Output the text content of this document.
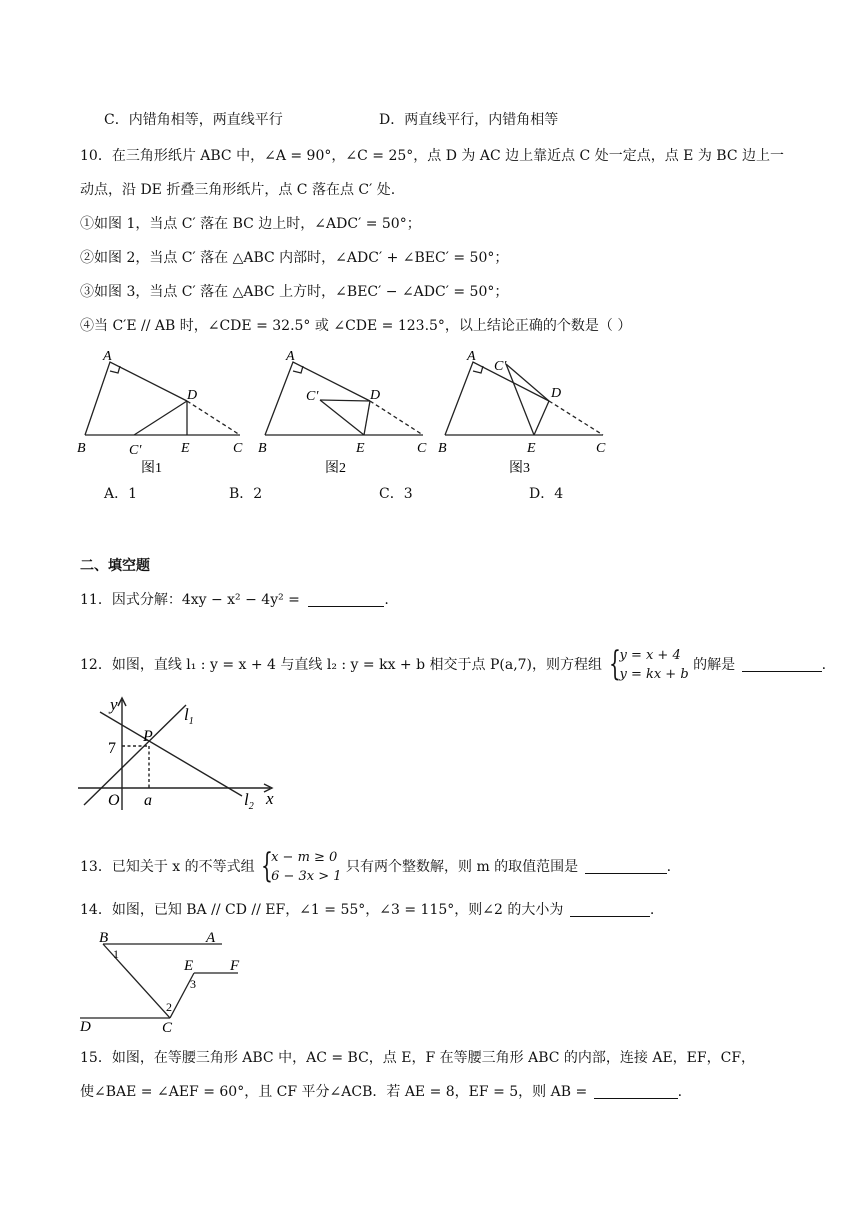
C．内错角相等，两直线平行	D．两直线平行，内错角相等
10．在三角形纸片 ABC 中，∠A = 90°，∠C = 25°，点 D 为 AC 边上靠近点 C 处一定点，点 E 为 BC 边上一
动点，沿 DE 折叠三角形纸片，点 C 落在点 C′ 处.
①如图 1，当点 C′ 落在 BC 边上时，∠ADC′ = 50°；
②如图 2，当点 C′ 落在 △ABC 内部时，∠ADC′ + ∠BEC′ = 50°；
③如图 3，当点 C′ 落在 △ABC 上方时，∠BEC′ − ∠ADC′ = 50°；
④当 C′E // AB 时，∠CDE = 32.5° 或 ∠CDE = 123.5°，以上结论正确的个数是（ ）
A
B
D
C′	E	C
图1
A
B
C′	D
E	C
图2
A
C′
B
D
E	C
图3
A．1	B．2	C．3	D．4
二、填空题
11．因式分解：4xy − x² − 4y² =	.
12．如图，直线 l₁ : y = x + 4 与直线 l₂ : y = kx + b 相交于点 P(a,7)，则方程组 {
y = x + 4
y = kx + b
的解是	.
y
x
O
7
a
P
$l_1$
$l_2$
13．已知关于 x 的不等式组 {
x − m ≥ 0
6 − 3x > 1
只有两个整数解，则 m 的取值范围是	.
14．如图，已知 BA // CD // EF，∠1 = 55°，∠3 = 115°，则∠2 的大小为	.
B	A
E F
D	C
1
2
3
15．如图，在等腰三角形 ABC 中，AC = BC，点 E，F 在等腰三角形 ABC 的内部，连接 AE，EF，CF，
使∠BAE = ∠AEF = 60°，且 CF 平分∠ACB．若 AE = 8，EF = 5，则 AB =	.
